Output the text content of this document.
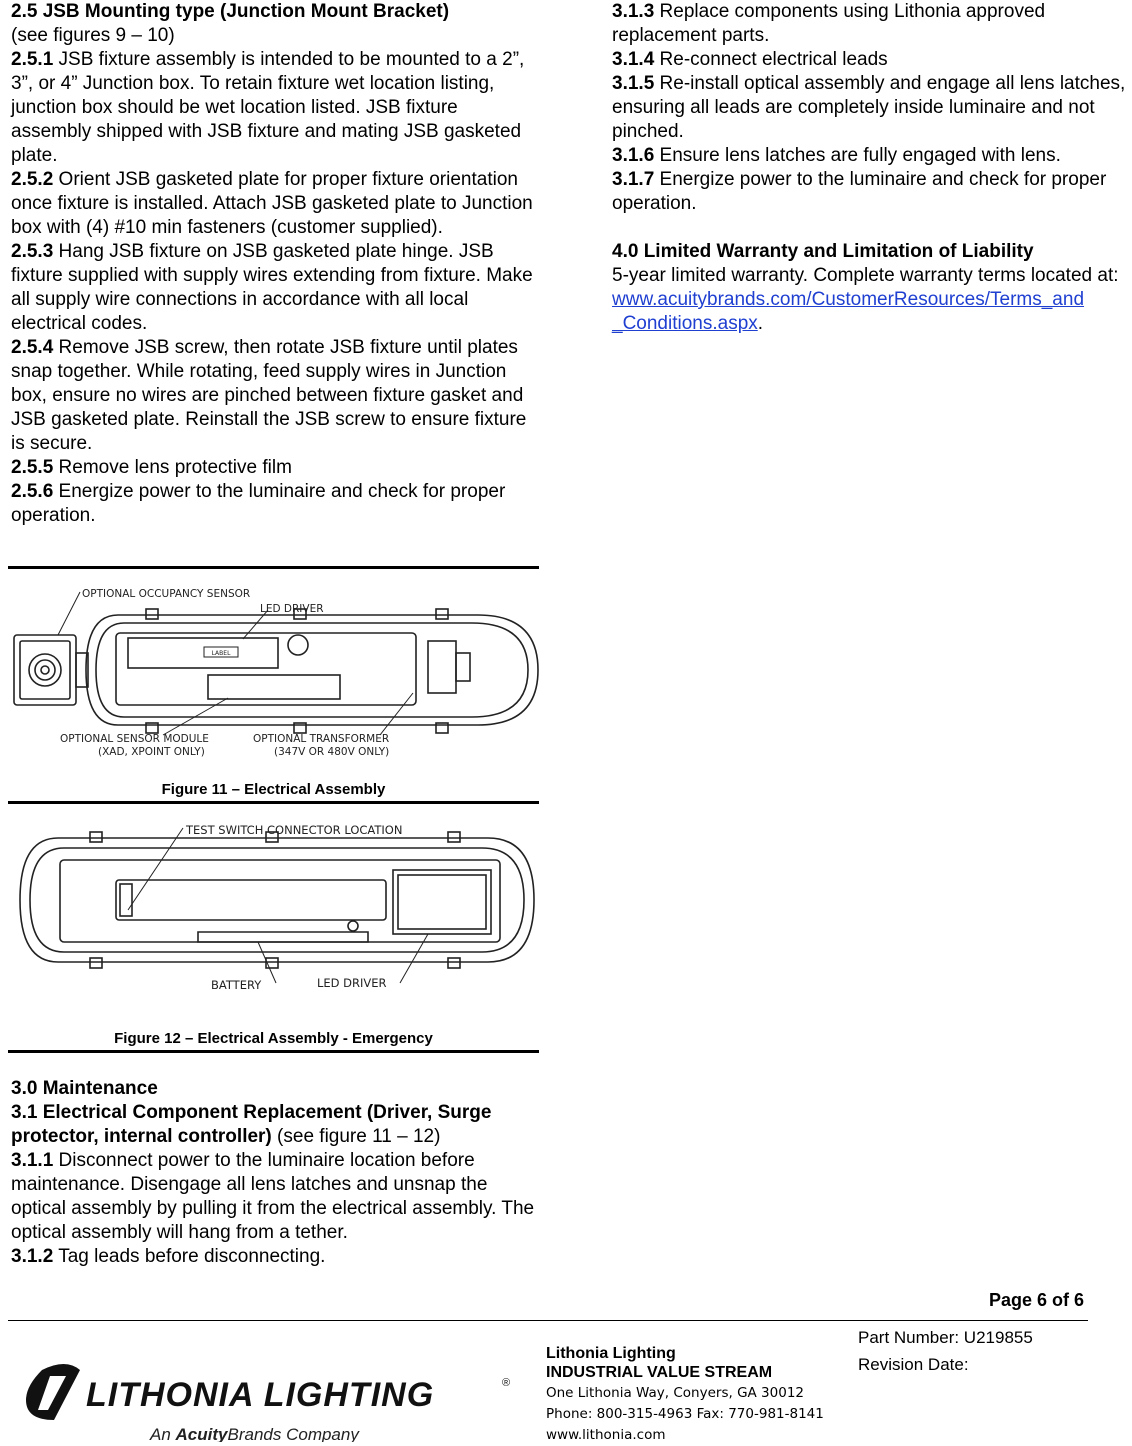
2.5 JSB Mounting type (Junction Mount Bracket)

(see figures 9 – 10)

2.5.1 JSB fixture assembly is intended to be mounted to a 2”, 3”, or 4” Junction box. To retain fixture wet location listing, junction box should be wet location listed. JSB fixture assembly shipped with JSB fixture and mating JSB gasketed plate.

2.5.2 Orient JSB gasketed plate for proper fixture orientation once fixture is installed. Attach JSB gasketed plate to Junction box with (4) #10 min fasteners (customer supplied).

2.5.3 Hang JSB fixture on JSB gasketed plate hinge. JSB fixture supplied with supply wires extending from fixture. Make all supply wire connections in accordance with all local electrical codes.

2.5.4 Remove JSB screw, then rotate JSB fixture until plates snap together. While rotating, feed supply wires in Junction box, ensure no wires are pinched between fixture gasket and JSB gasketed plate. Reinstall the JSB screw to ensure fixture is secure.

2.5.5 Remove lens protective film

2.5.6 Energize power to the luminaire and check for proper operation.

LABEL
OPTIONAL OCCUPANCY SENSOR
LED DRIVER
OPTIONAL SENSOR MODULE
(XAD, XPOINT ONLY)
OPTIONAL TRANSFORMER
(347V OR 480V ONLY)
Figure 11 – Electrical Assembly
TEST SWITCH CONNECTOR LOCATION
BATTERY	LED DRIVER
Figure 12 – Electrical Assembly - Emergency

3.0 Maintenance

3.1 Electrical Component Replacement (Driver, Surge protector, internal controller) (see figure 11 – 12)

3.1.1 Disconnect power to the luminaire location before maintenance. Disengage all lens latches and unsnap the optical assembly by pulling it from the electrical assembly. The optical assembly will hang from a tether.

3.1.2 Tag leads before disconnecting.

3.1.3 Replace components using Lithonia approved replacement parts.

3.1.4 Re-connect electrical leads

3.1.5 Re-install optical assembly and engage all lens latches, ensuring all leads are completely inside luminaire and not pinched.

3.1.6 Ensure lens latches are fully engaged with lens.

3.1.7 Energize power to the luminaire and check for proper operation.

4.0 Limited Warranty and Limitation of Liability

5-year limited warranty. Complete warranty terms located at:

www.acuitybrands.com/CustomerResources/Terms_and
_Conditions.aspx.

Page 6 of 6
LITHONIA LIGHTING	®
An AcuityBrands Company
Lithonia Lighting
INDUSTRIAL VALUE STREAM
One Lithonia Way, Conyers, GA 30012
Phone: 800-315-4963 Fax: 770-981-8141
www.lithonia.com
Part Number: U219855
Revision Date:
